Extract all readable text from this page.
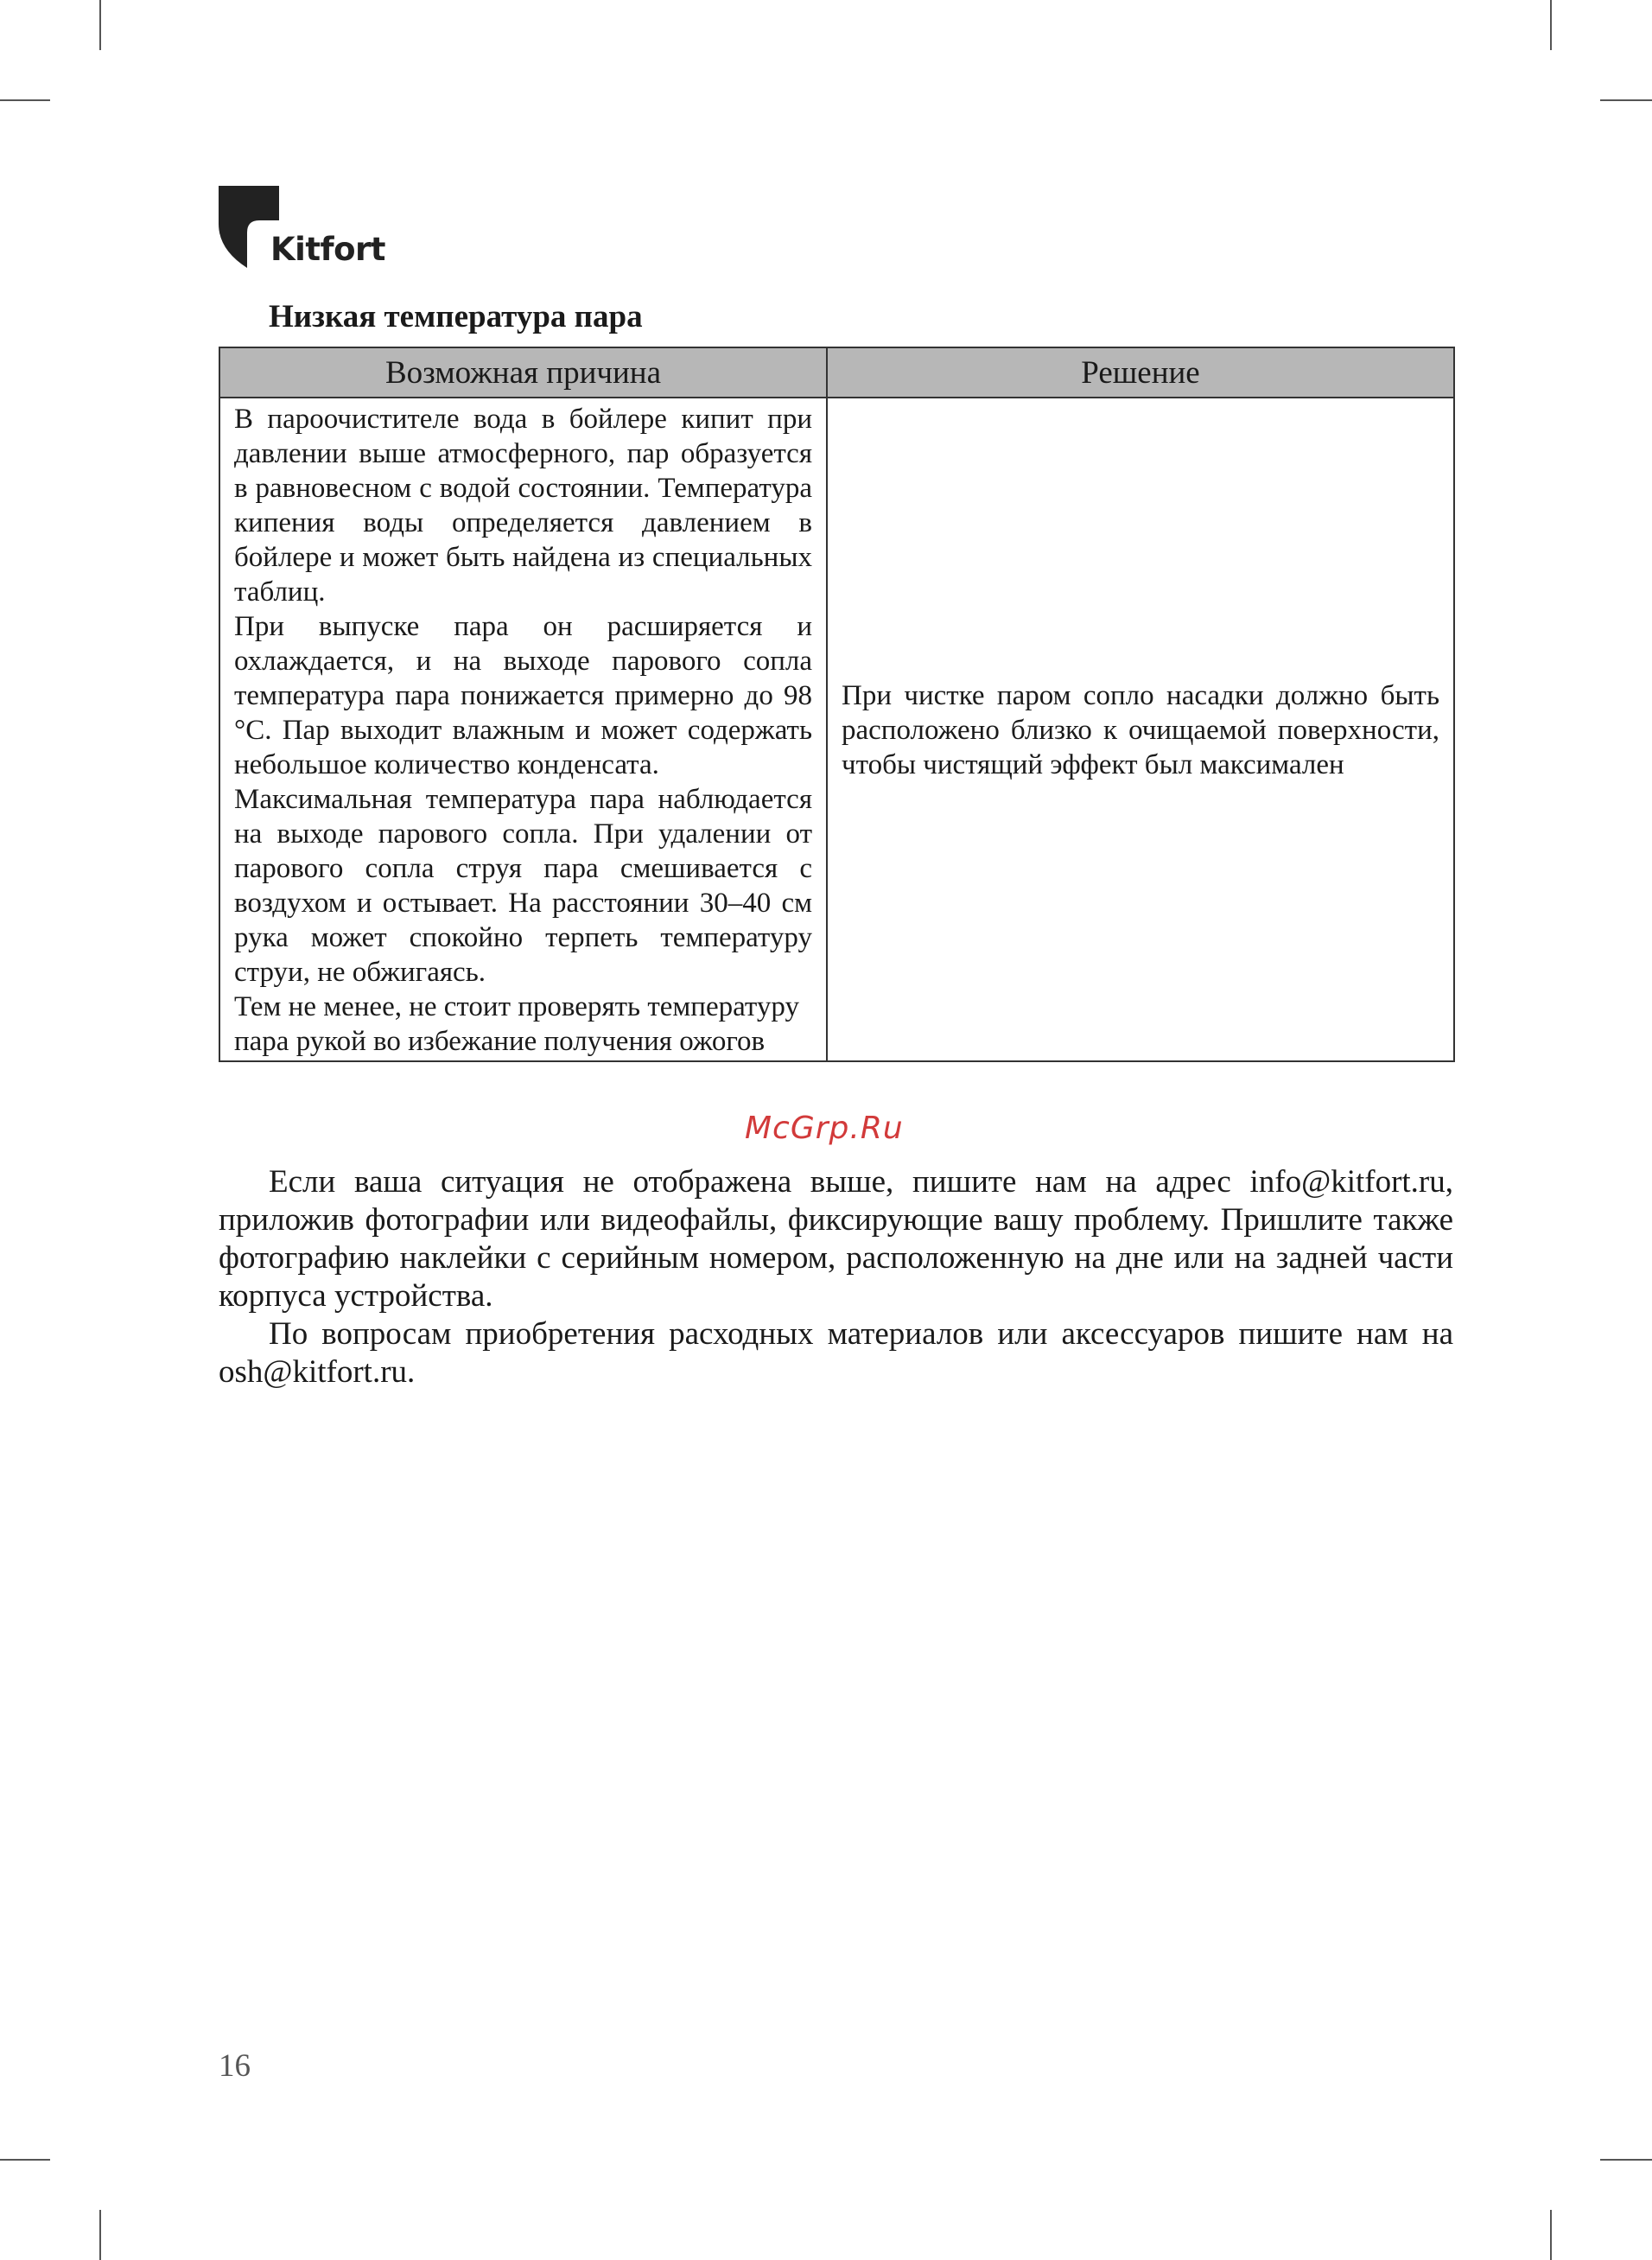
Kitfort
Низкая температура пара
Возможная причина	Решение

В пароочистителе вода в бойлере кипит при давлении выше атмосферного, пар образуется в равновесном с водой состоянии. Температура кипения воды определяется давлением в бойлере и может быть найдена из специальных таблиц.

При выпуске пара он расширяется и охлаждается, и на выходе парового сопла температура пара понижается примерно до 98 °С. Пар выходит влажным и может содержать небольшое количество конденсата.

Максимальная температура пара наблюдается на выходе парового сопла. При удалении от парового сопла струя пара смешивается с воздухом и остывает. На расстоянии 30–40 см рука может спокойно терпеть температуру струи, не обжигаясь.

Тем не менее, не стоит проверять температуру пара рукой во избежание получения ожогов	При чистке паром сопло насадки должно быть расположено близко к очищаемой поверхности, чтобы чистящий эффект был максимален

McGrp.Ru

Если ваша ситуация не отображена выше, пишите нам на адрес info@kitfort.ru, приложив фотографии или видеофайлы, фиксирующие вашу проблему. Пришлите также фотографию наклейки с серийным номером, расположенную на дне или на задней части корпуса устройства.

По вопросам приобретения расходных материалов или аксессуаров пишите нам на osh@kitfort.ru.

16
